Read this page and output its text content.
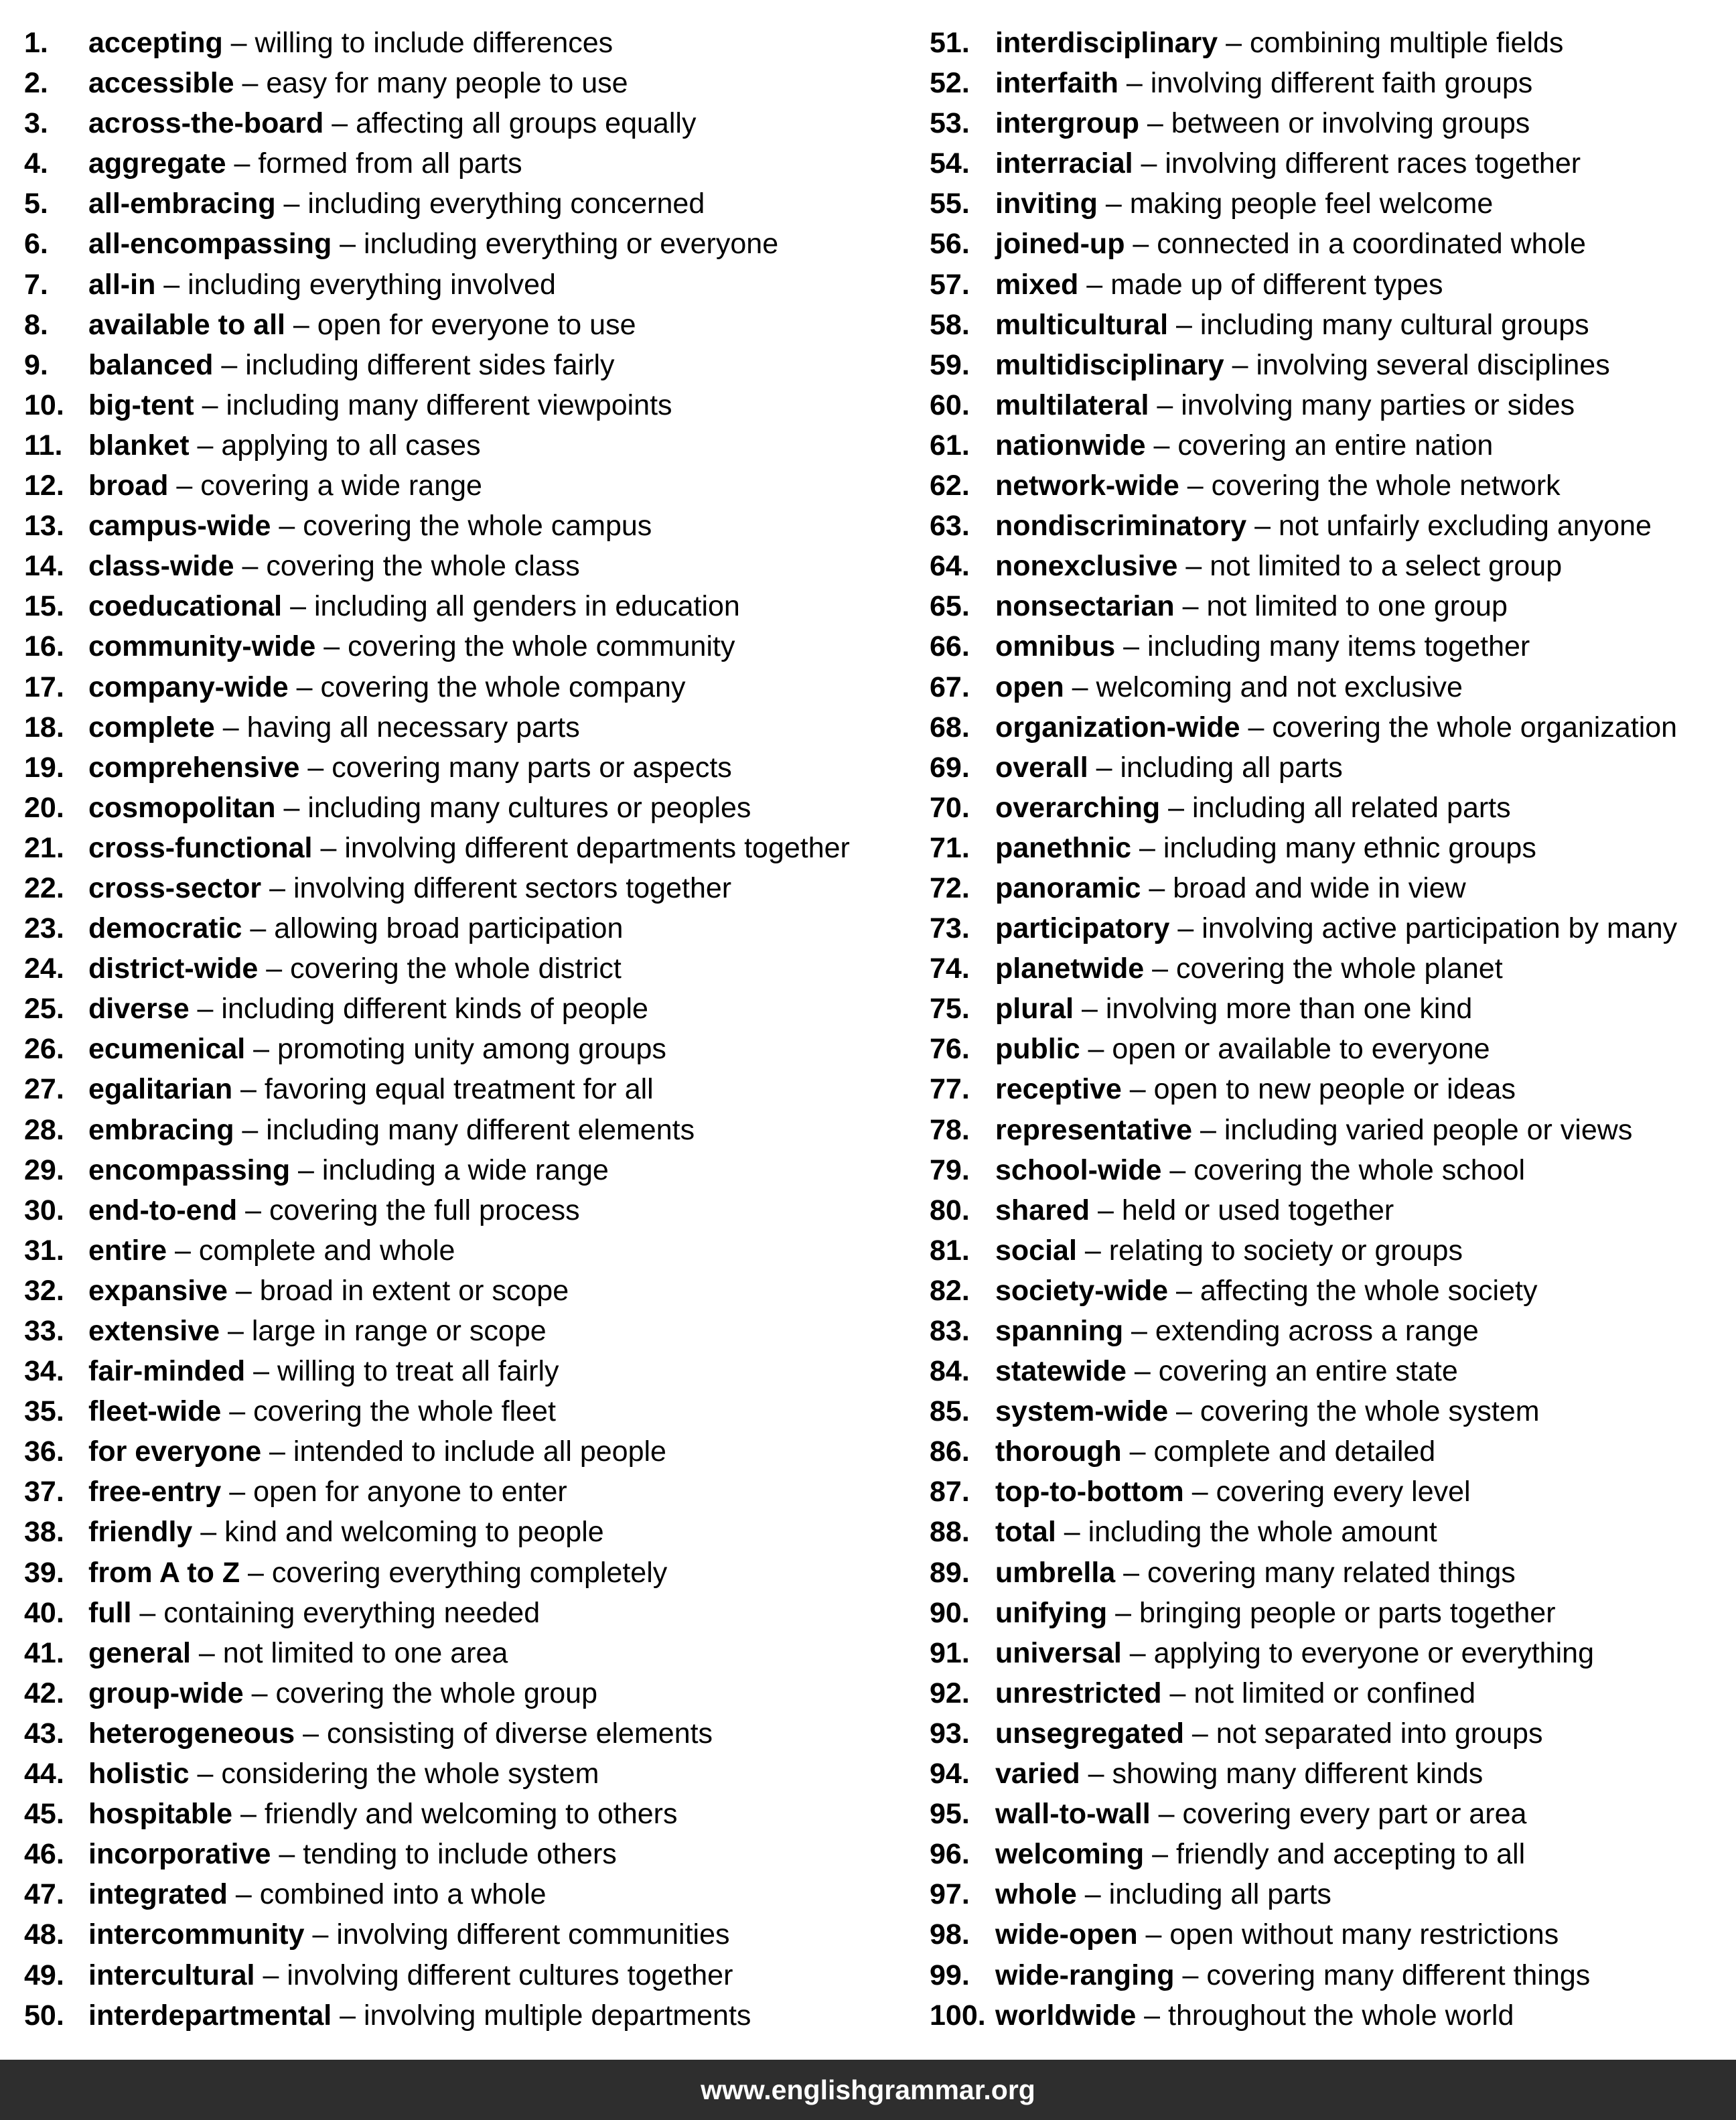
1.	accepting – willing to include differences
2.	accessible – easy for many people to use
3.	across-the-board – affecting all groups equally
4.	aggregate – formed from all parts
5.	all-embracing – including everything concerned
6.	all-encompassing – including everything or everyone
7.	all-in – including everything involved
8.	available to all – open for everyone to use
9.	balanced – including different sides fairly
10. big-tent – including many different viewpoints
11. blanket – applying to all cases
12. broad – covering a wide range
13. campus-wide – covering the whole campus
14. class-wide – covering the whole class
15. coeducational – including all genders in education
16. community-wide – covering the whole community
17. company-wide – covering the whole company
18. complete – having all necessary parts
19. comprehensive – covering many parts or aspects
20. cosmopolitan – including many cultures or peoples
21. cross-functional – involving different departments together
22. cross-sector – involving different sectors together
23. democratic – allowing broad participation
24. district-wide – covering the whole district
25. diverse – including different kinds of people
26. ecumenical – promoting unity among groups
27. egalitarian – favoring equal treatment for all
28. embracing – including many different elements
29. encompassing – including a wide range
30. end-to-end – covering the full process
31. entire – complete and whole
32. expansive – broad in extent or scope
33. extensive – large in range or scope
34. fair-minded – willing to treat all fairly
35. fleet-wide – covering the whole fleet
36. for everyone – intended to include all people
37. free-entry – open for anyone to enter
38. friendly – kind and welcoming to people
39. from A to Z – covering everything completely
40. full – containing everything needed
41. general – not limited to one area
42. group-wide – covering the whole group
43. heterogeneous – consisting of diverse elements
44. holistic – considering the whole system
45. hospitable – friendly and welcoming to others
46. incorporative – tending to include others
47. integrated – combined into a whole
48. intercommunity – involving different communities
49. intercultural – involving different cultures together
50. interdepartmental – involving multiple departments
51. interdisciplinary – combining multiple fields
52. interfaith – involving different faith groups
53. intergroup – between or involving groups
54. interracial – involving different races together
55. inviting – making people feel welcome
56. joined-up – connected in a coordinated whole
57. mixed – made up of different types
58. multicultural – including many cultural groups
59. multidisciplinary – involving several disciplines
60. multilateral – involving many parties or sides
61. nationwide – covering an entire nation
62. network-wide – covering the whole network
63. nondiscriminatory – not unfairly excluding anyone
64. nonexclusive – not limited to a select group
65. nonsectarian – not limited to one group
66. omnibus – including many items together
67. open – welcoming and not exclusive
68. organization-wide – covering the whole organization
69. overall – including all parts
70. overarching – including all related parts
71. panethnic – including many ethnic groups
72. panoramic – broad and wide in view
73. participatory – involving active participation by many
74. planetwide – covering the whole planet
75. plural – involving more than one kind
76. public – open or available to everyone
77. receptive – open to new people or ideas
78. representative – including varied people or views
79. school-wide – covering the whole school
80. shared – held or used together
81. social – relating to society or groups
82. society-wide – affecting the whole society
83. spanning – extending across a range
84. statewide – covering an entire state
85. system-wide – covering the whole system
86. thorough – complete and detailed
87. top-to-bottom – covering every level
88. total – including the whole amount
89. umbrella – covering many related things
90. unifying – bringing people or parts together
91. universal – applying to everyone or everything
92. unrestricted – not limited or confined
93. unsegregated – not separated into groups
94. varied – showing many different kinds
95. wall-to-wall – covering every part or area
96. welcoming – friendly and accepting to all
97. whole – including all parts
98. wide-open – open without many restrictions
99. wide-ranging – covering many different things
100. worldwide – throughout the whole world
www.englishgrammar.org
